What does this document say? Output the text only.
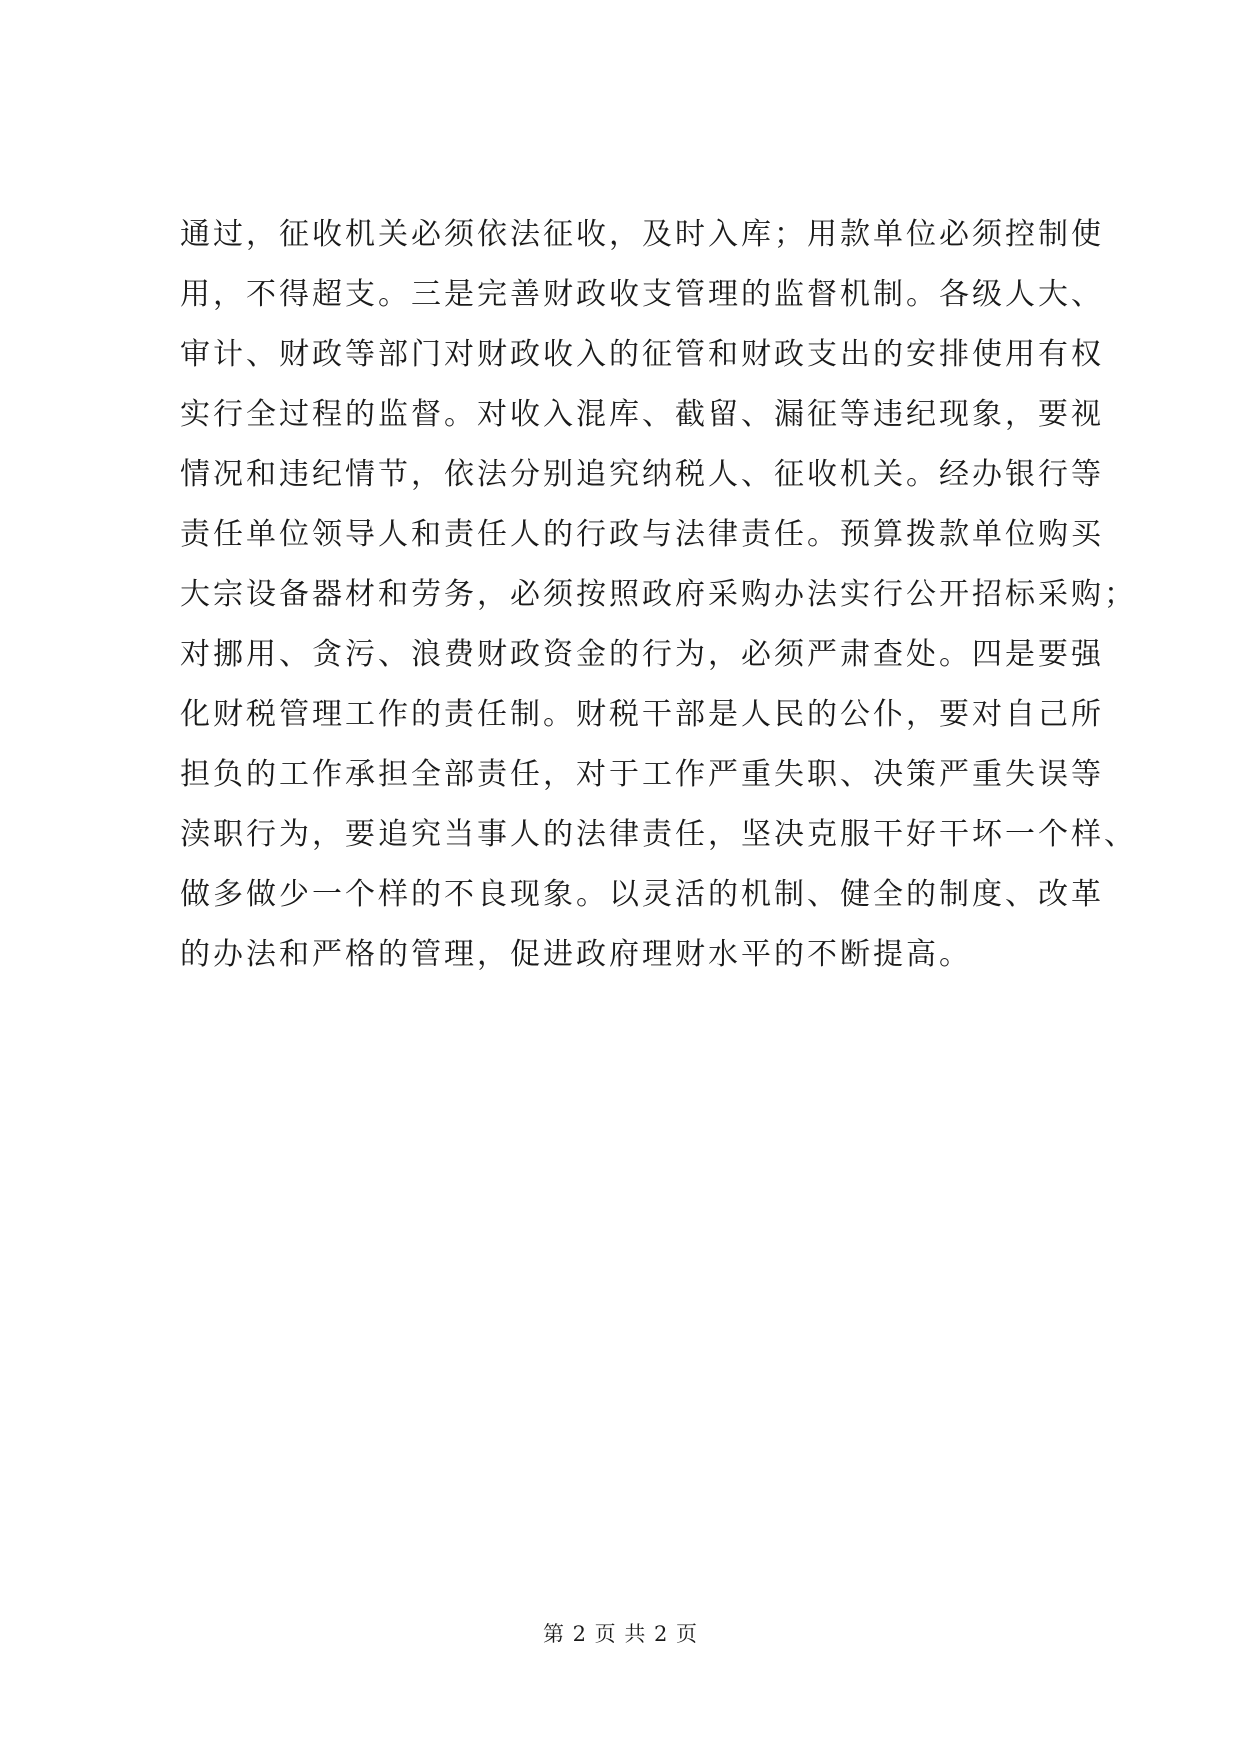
通过，征收机关必须依法征收，及时入库；用款单位必须控制使
用，不得超支。三是完善财政收支管理的监督机制。各级人大、
审计、财政等部门对财政收入的征管和财政支出的安排使用有权
实行全过程的监督。对收入混库、截留、漏征等违纪现象，要视
情况和违纪情节，依法分别追究纳税人、征收机关。经办银行等
责任单位领导人和责任人的行政与法律责任。预算拨款单位购买
大宗设备器材和劳务，必须按照政府采购办法实行公开招标采购；
对挪用、贪污、浪费财政资金的行为，必须严肃查处。四是要强
化财税管理工作的责任制。财税干部是人民的公仆，要对自己所
担负的工作承担全部责任，对于工作严重失职、决策严重失误等
渎职行为，要追究当事人的法律责任，坚决克服干好干坏一个样、
做多做少一个样的不良现象。以灵活的机制、健全的制度、改革
的办法和严格的管理，促进政府理财水平的不断提高。
第 2 页 共 2 页
